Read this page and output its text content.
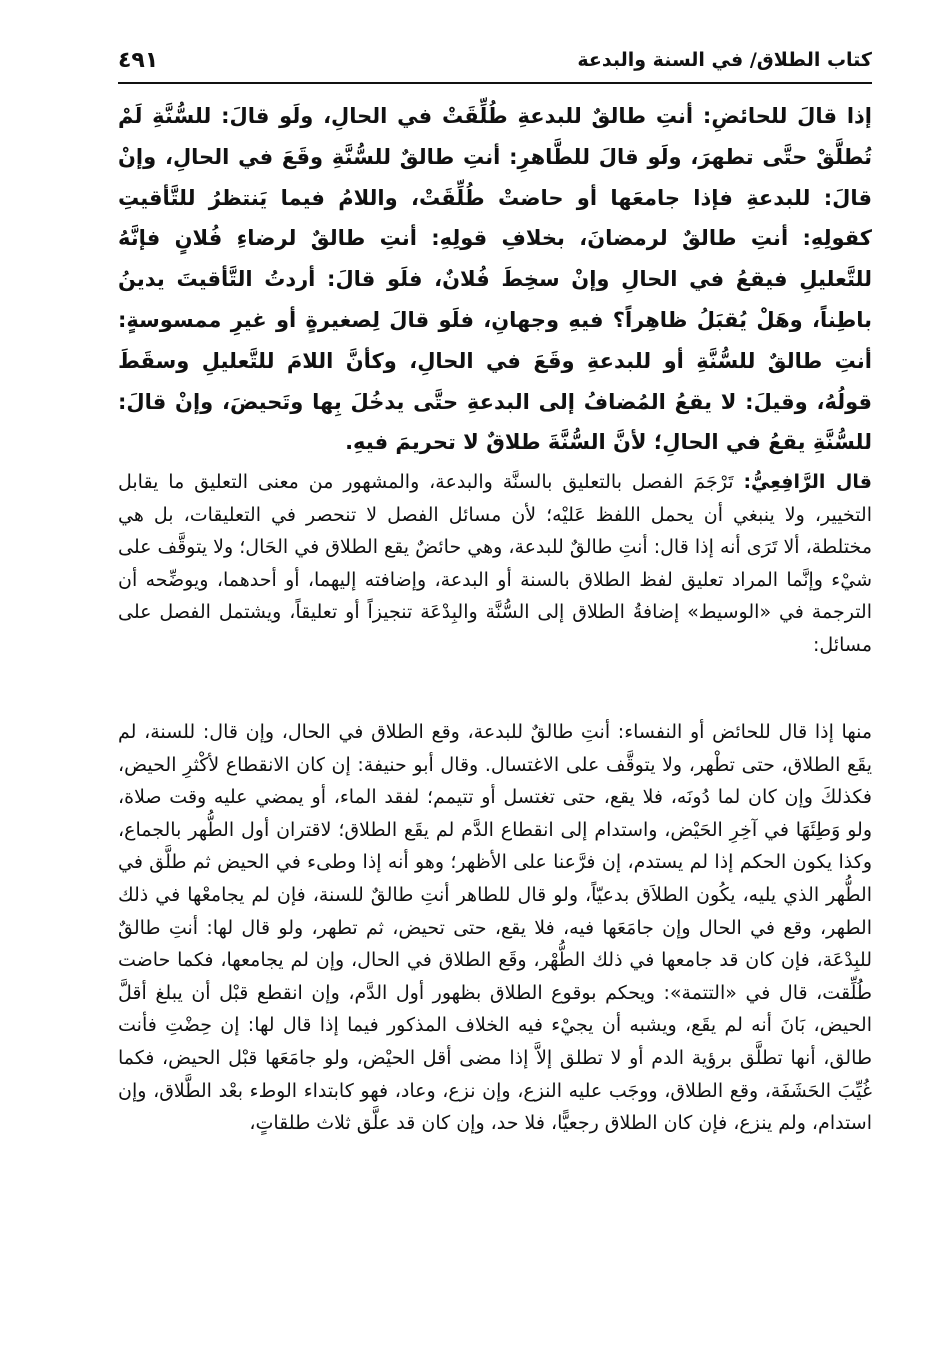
كتاب الطلاق/ في السنة والبدعة
٤٩١

إذا قالَ للحائضِ: أنتِ طالقٌ للبدعةِ طُلِّقَتْ في الحالِ، ولَو قالَ: للسُّنَّةِ لَمْ تُطلَّقْ حتَّى تطهرَ، ولَو قالَ للطَّاهرِ: أنتِ طالقٌ للسُّنَّةِ وقَعَ في الحالِ، وإنْ قالَ: للبدعةِ فإذا جامعَها أو حاضتْ طُلِّقَتْ، واللامُ فيما يَنتظرُ للتَّأقيتِ كقولِهِ: أنتِ طالقٌ لرمضانَ، بخلافِ قولِهِ: أنتِ طالقٌ لرضاءِ فُلانٍ فإنَّهُ للتَّعليلِ فيقعُ في الحالِ وإنْ سخِطَ فُلانٌ، فلَو قالَ: أردتُ التَّأقيتَ يدينُ باطِناً، وهَلْ يُقبَلُ ظاهِراً؟ فيهِ وجهانِ، فلَو قالَ لِصغيرةٍ أو غيرِ ممسوسةٍ: أنتِ طالقٌ للسُّنَّةِ أو للبدعةِ وقَعَ في الحالِ، وكأنَّ اللامَ للتَّعليلِ وسقَطَ قولُهُ، وقيلَ: لا يقعُ المُضافُ إلى البدعةِ حتَّى يدخُلَ بِها وتَحيضَ، وإنْ قالَ: للسُّنَّةِ يقعُ في الحالِ؛ لأنَّ السُّنَّةَ طلاقٌ لا تحريمَ فيهِ.

قال الرَّافِعِيُّ: تَرْجَمَ الفصل بالتعليق بالسنَّة والبدعة، والمشهور من معنى التعليق ما يقابل التخيير، ولا ينبغي أن يحمل اللفظ عَليْه؛ لأن مسائل الفصل لا تنحصر في التعليقات، بل هي مختلطة، ألا تَرَى أنه إذا قال: أنتِ طالقٌ للبدعة، وهي حائضٌ يقع الطلاق في الحَال؛ ولا يتوقَّف على شيْء وإنَّما المراد تعليق لفظ الطلاق بالسنة أو البدعة، وإضافته إليهما، أو أحدهما، ويوضِّحه أن الترجمة في «الوسيط» إضافةُ الطلاق إلى السُّنَّة والبِدْعَة تنجيزاً أو تعليقاً، ويشتمل الفصل على مسائل:

منها إذا قال للحائض أو النفساء: أنتِ طالقٌ للبدعة، وقع الطلاق في الحال، وإن قال: للسنة، لم يقَع الطلاق، حتى تطْهر، ولا يتوقَّف على الاغتسال. وقال أبو حنيفة: إن كان الانقطاع لأكْثرِ الحيض، فكذلكَ وإن كان لما دُونَه، فلا يقع، حتى تغتسل أو تتيمم؛ لفقد الماء، أو يمضي عليه وقت صلاة، ولو وَطِئَهَا في آخِرِ الحَيْض، واستدام إلى انقطاع الدَّم لم يقَع الطلاق؛ لاقتران أول الطُّهر بالجماع، وكذا يكون الحكم إذا لم يستدم، إن فرَّعنا على الأظهر؛ وهو أنه إذا وطىء في الحيض ثم طلَّق في الطُّهر الذي يليه، يكُون الطلاَق بدعيّاً، ولو قال للطاهر أنتِ طالقٌ للسنة، فإن لم يجامعْها في ذلك الطهر، وقع في الحال وإن جامَعَها فيه، فلا يقع، حتى تحيض، ثم تطهر، ولو قال لها: أنتِ طالقٌ للبِدْعَة، فإن كان قد جامعها في ذلك الطُّهْر، وقَع الطلاق في الحال، وإن لم يجامعها، فكما حاضت طُلِّقت، قال في «التتمة»: ويحكم بوقوع الطلاق بظهور أول الدَّم، وإن انقطع قبْل أن يبلغ أقلَّ الحيض، بَانَ أنه لم يقَع، ويشبه أن يجيْء فيه الخلاف المذكور فيما إذا قال لها: إن حِضْتِ فأنت طالق، أنها تطلَّق برؤية الدم أو لا تطلق إلاَّ إذا مضى أقل الحيْض، ولو جامَعَها قبْل الحيض، فكما غُيِّبَ الحَشَفَة، وقع الطلاق، ووجَب عليه النزع، وإن نزع، وعاد، فهو كابتداء الوطء بعْد الطَّلاق، وإن استدام، ولم ينزع، فإن كان الطلاق رجعيًّا، فلا حد، وإن كان قد علَّق ثلاث طلقاتٍ،
